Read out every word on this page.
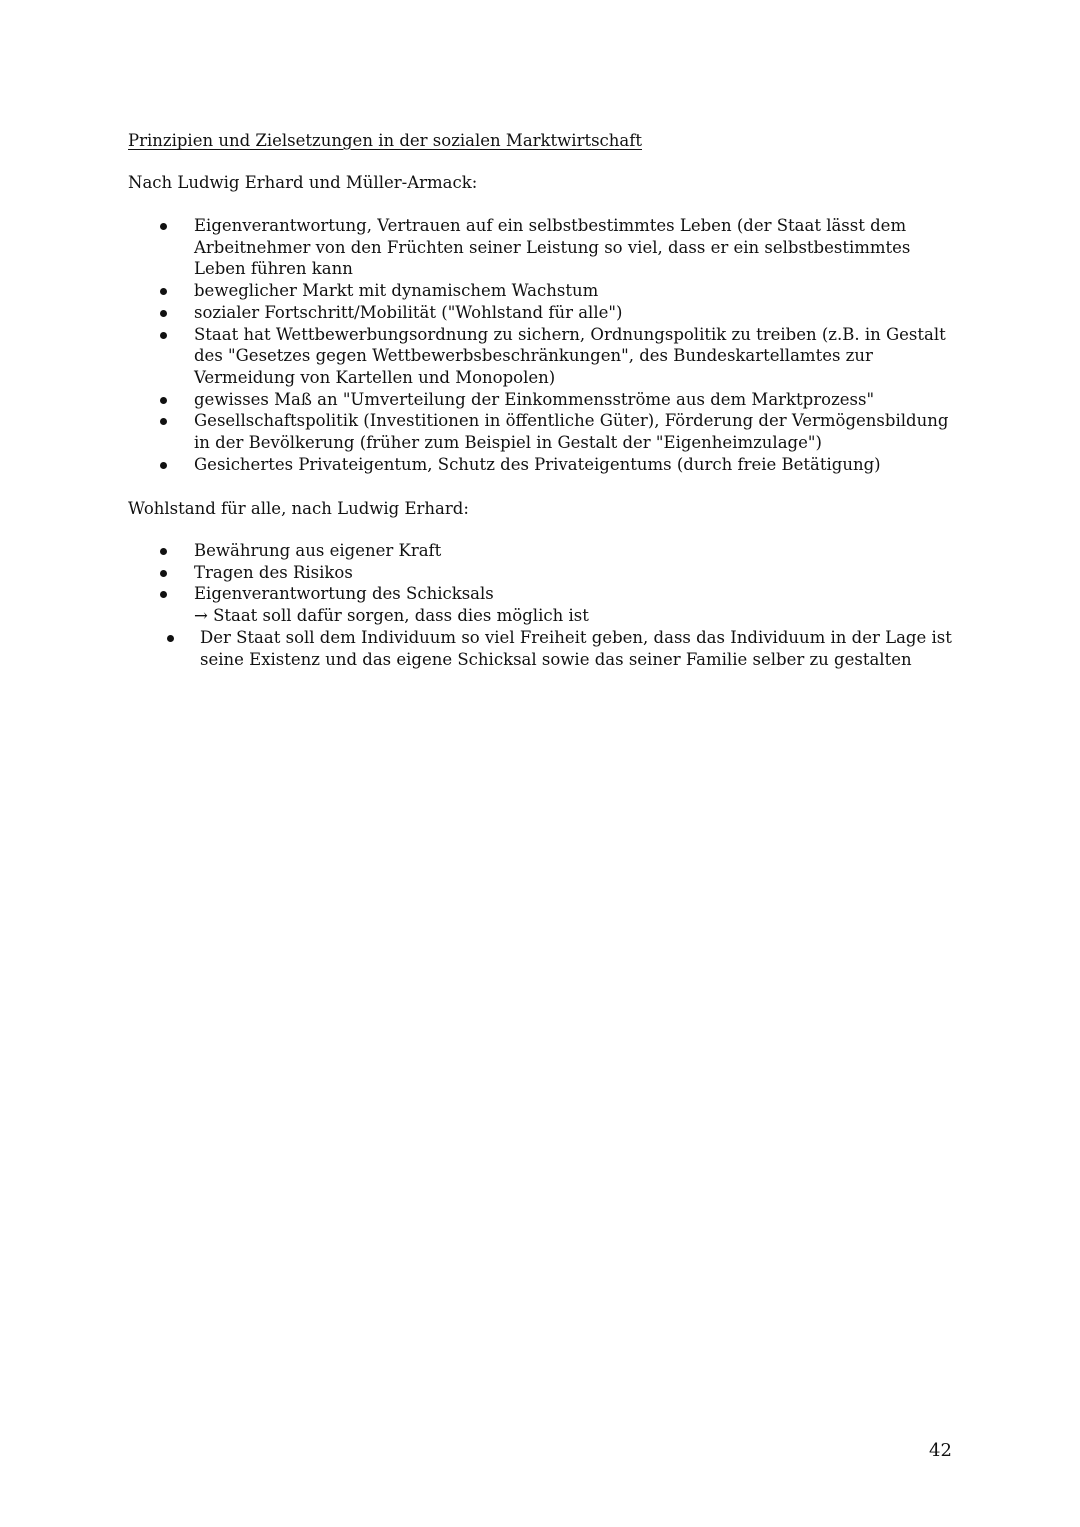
Prinzipien und Zielsetzungen in der sozialen Marktwirtschaft
Nach Ludwig Erhard und Müller-Armack:
Eigenverantwortung, Vertrauen auf ein selbstbestimmtes Leben (der Staat lässt dem Arbeitnehmer von den Früchten seiner Leistung so viel, dass er ein selbstbestimmtes Leben führen kann
beweglicher Markt mit dynamischem Wachstum
sozialer Fortschritt/Mobilität ("Wohlstand für alle")
Staat hat Wettbewerbungsordnung zu sichern, Ordnungspolitik zu treiben (z.B. in Gestalt des "Gesetzes gegen Wettbewerbsbeschränkungen", des Bundeskartellamtes zur Vermeidung von Kartellen und Monopolen)
gewisses Maß an "Umverteilung der Einkommensströme aus dem Marktprozess"
Gesellschaftspolitik (Investitionen in öffentliche Güter), Förderung der Vermögensbildung in der Bevölkerung (früher zum Beispiel in Gestalt der "Eigenheimzulage")
Gesichertes Privateigentum, Schutz des Privateigentums (durch freie Betätigung)
Wohlstand für alle, nach Ludwig Erhard:
Bewährung aus eigener Kraft
Tragen des Risikos
Eigenverantwortung des Schicksals
→ Staat soll dafür sorgen, dass dies möglich ist
Der Staat soll dem Individuum so viel Freiheit geben, dass das Individuum in der Lage ist seine Existenz und das eigene Schicksal sowie das seiner Familie selber zu gestalten
42
